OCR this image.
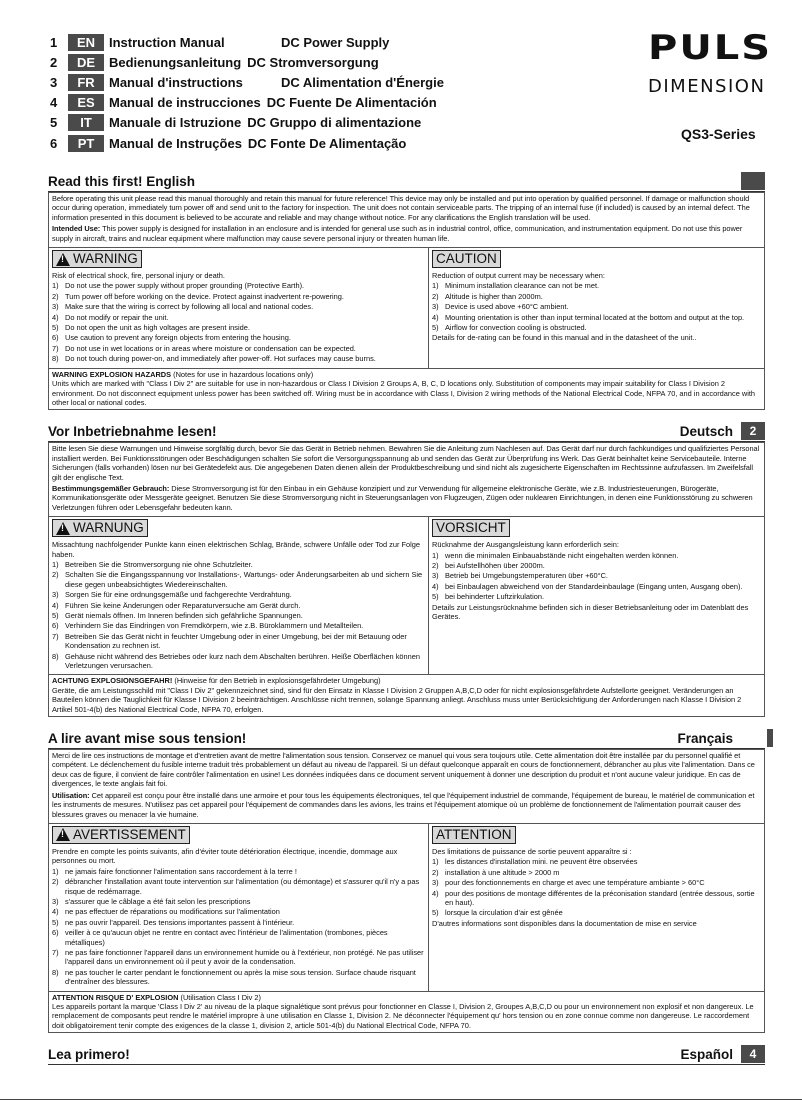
1	EN	Instruction Manual	DC Power Supply
2	DE	Bedienungsanleitung DC Stromversorgung
3	FR	Manual d'instructions	DC Alimentation d'Énergie
4	ES	Manual de instrucciones DC Fuente De Alimentación
5	IT	Manuale di Istruzione DC Gruppo di alimentazione
6	PT	Manual de Instruções DC Fonte De Alimentação
PULS
DIMENSION
QS3-Series
Read this first! English

Before operating this unit please read this manual thoroughly and retain this manual for future reference! This device may only be installed and put into operation by qualified personnel. If damage or malfunction should occur during operation, immediately turn power off and send unit to the factory for inspection. The unit does not contain serviceable parts. The tripping of an internal fuse (if included) is caused by an internal defect. The information presented in this document is believed to be accurate and reliable and may change without notice. For any clarifications the English translation will be used.

Intended Use: This power supply is designed for installation in an enclosure and is intended for general use such as in industrial control, office, communication, and instrumentation equipment. Do not use this power supply in aircraft, trains and nuclear equipment where malfunction may cause severe personal injury or threaten human life.

!
WARNING
Risk of electrical shock, fire, personal injury or death.
1) Do not use the power supply without proper grounding (Protective Earth).
2) Turn power off before working on the device. Protect against inadvertent re-powering.
3) Make sure that the wiring is correct by following all local and national codes.
4) Do not modify or repair the unit.
5) Do not open the unit as high voltages are present inside.
6) Use caution to prevent any foreign objects from entering the housing.
7) Do not use in wet locations or in areas where moisture or condensation can be expected.
8) Do not touch during power-on, and immediately after power-off. Hot surfaces may cause burns.
CAUTION
Reduction of output current may be necessary when:
1) Minimum installation clearance can not be met.
2) Altitude is higher than 2000m.
3) Device is used above +60°C ambient.
4) Mounting orientation is other than input terminal located at the bottom and output at the top.
5) Airflow for convection cooling is obstructed.
Details for de-rating can be found in this manual and in the datasheet of the unit..
WARNING EXPLOSION HAZARDS (Notes for use in hazardous locations only)
Units which are marked with "Class I Div 2" are suitable for use in non-hazardous or Class I Division 2 Groups A, B, C, D locations only. Substitution of components may impair suitability for Class I Division 2 environment. Do not disconnect equipment unless power has been switched off. Wiring must be in accordance with Class I, Division 2 wiring methods of the National Electrical Code, NFPA 70, and in accordance with other local or national codes.
Vor Inbetriebnahme lesen!	Deutsch	2

Bitte lesen Sie diese Warnungen und Hinweise sorgfältig durch, bevor Sie das Gerät in Betrieb nehmen. Bewahren Sie die Anleitung zum Nachlesen auf. Das Gerät darf nur durch fachkundiges und qualifiziertes Personal installiert werden. Bei Funktionsstörungen oder Beschädigungen schalten Sie sofort die Versorgungsspannung ab und senden das Gerät zur Überprüfung ins Werk. Das Gerät beinhaltet keine Servicebauteile. Interne Sicherungen (falls vorhanden) lösen nur bei Gerätedefekt aus. Die angegebenen Daten dienen allein der Produktbeschreibung und sind nicht als zugesicherte Eigenschaften im Rechtssinne aufzufassen. Im Zweifelsfall gilt der englische Text.

Bestimmungsgemäßer Gebrauch: Diese Stromversorgung ist für den Einbau in ein Gehäuse konzipiert und zur Verwendung für allgemeine elektronische Geräte, wie z.B. Industriesteuerungen, Bürogeräte, Kommunikationsgeräte oder Messgeräte geeignet. Benutzen Sie diese Stromversorgung nicht in Steuerungsanlagen von Flugzeugen, Zügen oder nuklearen Einrichtungen, in denen eine Funktionsstörung zu schweren Verletzungen führen oder Lebensgefahr bedeuten kann.

!
WARNUNG
Missachtung nachfolgender Punkte kann einen elektrischen Schlag, Brände, schwere Unfälle oder Tod zur Folge haben.
1) Betreiben Sie die Stromversorgung nie ohne Schutzleiter.
2) Schalten Sie die Eingangsspannung vor Installations-, Wartungs- oder Änderungsarbeiten ab und sichern Sie diese gegen unbeabsichtigtes Wiedereinschalten.
3) Sorgen Sie für eine ordnungsgemäße und fachgerechte Verdrahtung.
4) Führen Sie keine Änderungen oder Reparaturversuche am Gerät durch.
5) Gerät niemals öffnen. Im Inneren befinden sich gefährliche Spannungen.
6) Verhindern Sie das Eindringen von Fremdkörpern, wie z.B. Büroklammern und Metallteilen.
7) Betreiben Sie das Gerät nicht in feuchter Umgebung oder in einer Umgebung, bei der mit Betauung oder Kondensation zu rechnen ist.
8) Gehäuse nicht während des Betriebes oder kurz nach dem Abschalten berühren. Heiße Oberflächen können Verletzungen verursachen.
VORSICHT
Rücknahme der Ausgangsleistung kann erforderlich sein:
1) wenn die minimalen Einbauabstände nicht eingehalten werden können.
2) bei Aufstellhöhen über 2000m.
3) Betrieb bei Umgebungstemperaturen über +60°C.
4) bei Einbaulagen abweichend von der Standardeinbaulage (Eingang unten, Ausgang oben).
5) bei behinderter Luftzirkulation.
Details zur Leistungsrücknahme befinden sich in dieser Betriebsanleitung oder im Datenblatt des Gerätes.
ACHTUNG EXPLOSIONSGEFAHR! (Hinweise für den Betrieb in explosionsgefährdeter Umgebung)
Geräte, die am Leistungsschild mit "Class I Div 2" gekennzeichnet sind, sind für den Einsatz in Klasse I Division 2 Gruppen A,B,C,D oder für nicht explosionsgefährdete Aufstellorte geeignet. Veränderungen an Bauteilen können die Tauglichkeit für Klasse I Division 2 beeinträchtigen. Anschlüsse nicht trennen, solange Spannung anliegt. Anschluss muss unter Berücksichtigung der Anforderungen nach Klasse I Division 2 Artikel 501-4(b) des National Electrical Code, NFPA 70, erfolgen.
A lire avant mise sous tension!	Français

Merci de lire ces instructions de montage et d'entretien avant de mettre l'alimentation sous tension. Conservez ce manuel qui vous sera toujours utile. Cette alimentation doit être installée par du personnel qualifié et compétent. Le déclenchement du fusible interne traduit très probablement un défaut au niveau de l'appareil. Si un défaut quelconque apparaît en cours de fonctionnement, débrancher au plus vite l'alimentation. Dans ce deux cas de figure, il convient de faire contrôler l'alimentation en usine! Les données indiquées dans ce document servent uniquement à donner une description du produit et n'ont aucune valeur juridique. En cas de divergences, le texte anglais fait foi.

Utilisation: Cet appareil est conçu pour être installé dans une armoire et pour tous les équipements électroniques, tel que l'équipement industriel de commande, l'équipement de bureau, le matériel de communication et les instruments de mesures. N'utilisez pas cet appareil pour l'équipement de commandes dans les avions, les trains et l'équipement atomique où un problème de fonctionnement de l'alimentation pourrait causer des blessures graves ou menacer la vie humaine.

!
AVERTISSEMENT
Prendre en compte les points suivants, afin d'éviter toute détérioration électrique, incendie, dommage aux personnes ou mort.
1) ne jamais faire fonctionner l'alimentation sans raccordement à la terre !
2) débrancher l'installation avant toute intervention sur l'alimentation (ou démontage) et s'assurer qu'il n'y a pas risque de redémarrage.
3) s'assurer que le câblage a été fait selon les prescriptions
4) ne pas effectuer de réparations ou modifications sur l'alimentation
5) ne pas ouvrir l'appareil. Des tensions importantes passent à l'intérieur.
6) veiller à ce qu'aucun objet ne rentre en contact avec l'intérieur de l'alimentation (trombones, pièces métalliques)
7) ne pas faire fonctionner l'appareil dans un environnement humide ou à l'extérieur, non protégé. Ne pas utiliser l'appareil dans un environnement où il peut y avoir de la condensation.
8) ne pas toucher le carter pendant le fonctionnement ou après la mise sous tension. Surface chaude risquant d'entraîner des blessures.
ATTENTION
Des limitations de puissance de sortie peuvent apparaître si :
1) les distances d'installation mini. ne peuvent être observées
2) installation à une altitude > 2000 m
3) pour des fonctionnements en charge et avec une température ambiante > 60°C
4) pour des positions de montage différentes de la préconisation standard (entrée dessous, sortie en haut).
5) lorsque la circulation d'air est gênée
D'autres informations sont disponibles dans la documentation de mise en service
ATTENTION RISQUE D' EXPLOSION (Utilisation Class I Div 2)
Les appareils portant la marque 'Class I Div 2' au niveau de la plaque signalétique sont prévus pour fonctionner en Classe I, Division 2, Groupes A,B,C,D ou pour un environnement non explosif et non dangereux. Le remplacement de composants peut rendre le matériel impropre à une utilisation en Classe 1, Division 2. Ne déconnecter l'équipement qu' hors tension ou en zone connue comme non dangereuse. Le raccordement doit obligatoirement tenir compte des exigences de la classe 1, division 2, article 501-4(b) du National Electrical Code, NFPA 70.
Lea primero!	Español	4
